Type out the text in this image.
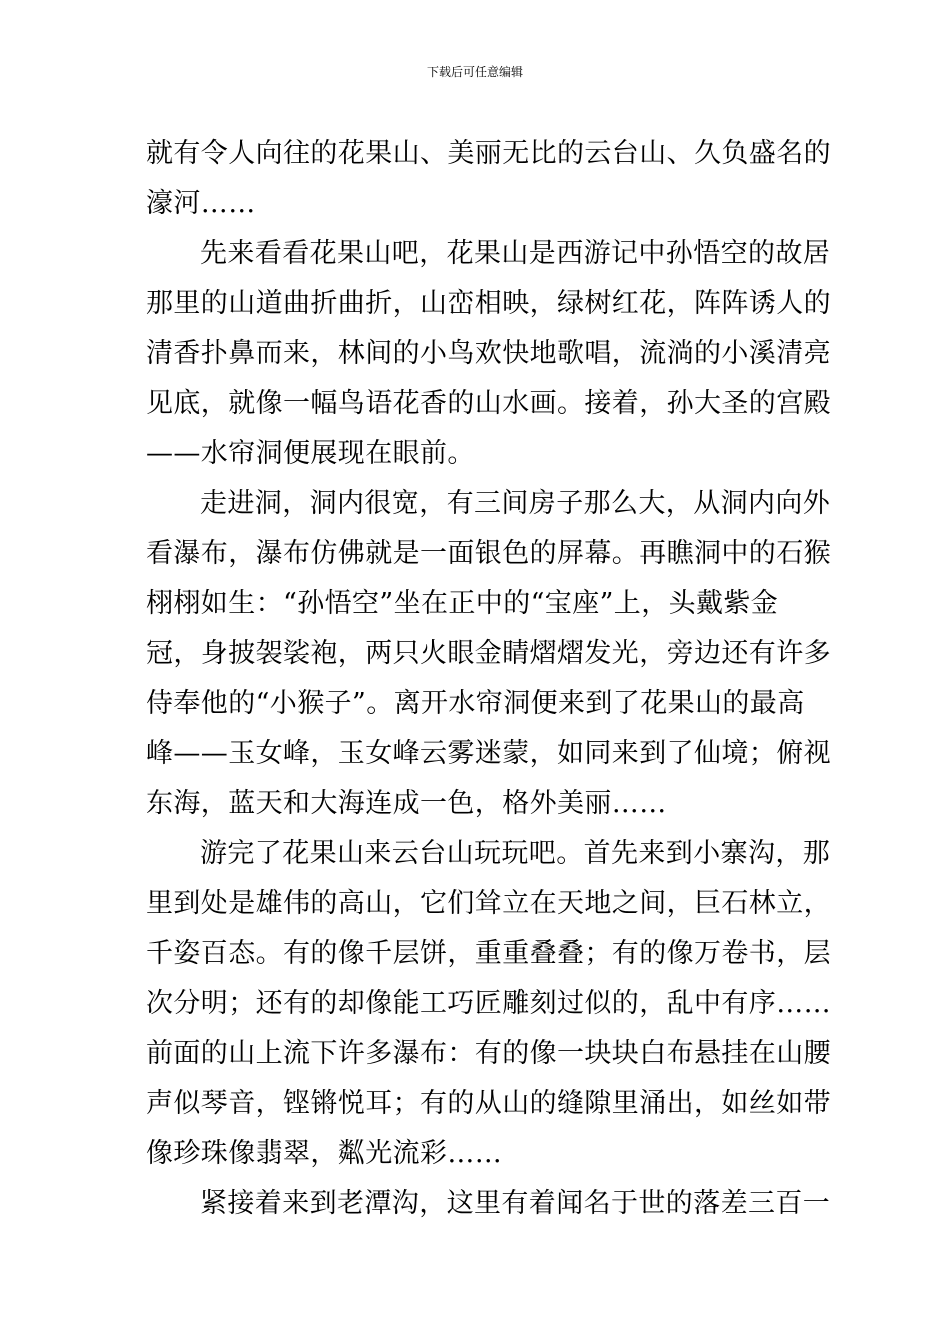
下载后可任意编辑
就有令人向往的花果山、美丽无比的云台山、久负盛名的
濠河……
先来看看花果山吧，花果山是西游记中孙悟空的故居
那里的山道曲折曲折，山峦相映，绿树红花，阵阵诱人的
清香扑鼻而来，林间的小鸟欢快地歌唱，流淌的小溪清亮
见底，就像一幅鸟语花香的山水画。接着，孙大圣的宫殿
——水帘洞便展现在眼前。
走进洞，洞内很宽，有三间房子那么大，从洞内向外
看瀑布，瀑布仿佛就是一面银色的屏幕。再瞧洞中的石猴
栩栩如生：“孙悟空”坐在正中的“宝座”上，头戴紫金
冠，身披袈裟袍，两只火眼金睛熠熠发光，旁边还有许多
侍奉他的“小猴子”。离开水帘洞便来到了花果山的最高
峰——玉女峰，玉女峰云雾迷蒙，如同来到了仙境；俯视
东海，蓝天和大海连成一色，格外美丽……
游完了花果山来云台山玩玩吧。首先来到小寨沟，那
里到处是雄伟的高山，它们耸立在天地之间，巨石林立，
千姿百态。有的像千层饼，重重叠叠；有的像万卷书，层
次分明；还有的却像能工巧匠雕刻过似的，乱中有序……
前面的山上流下许多瀑布：有的像一块块白布悬挂在山腰
声似琴音，铿锵悦耳；有的从山的缝隙里涌出，如丝如带
像珍珠像翡翠，粼光流彩……
紧接着来到老潭沟，这里有着闻名于世的落差三百一
